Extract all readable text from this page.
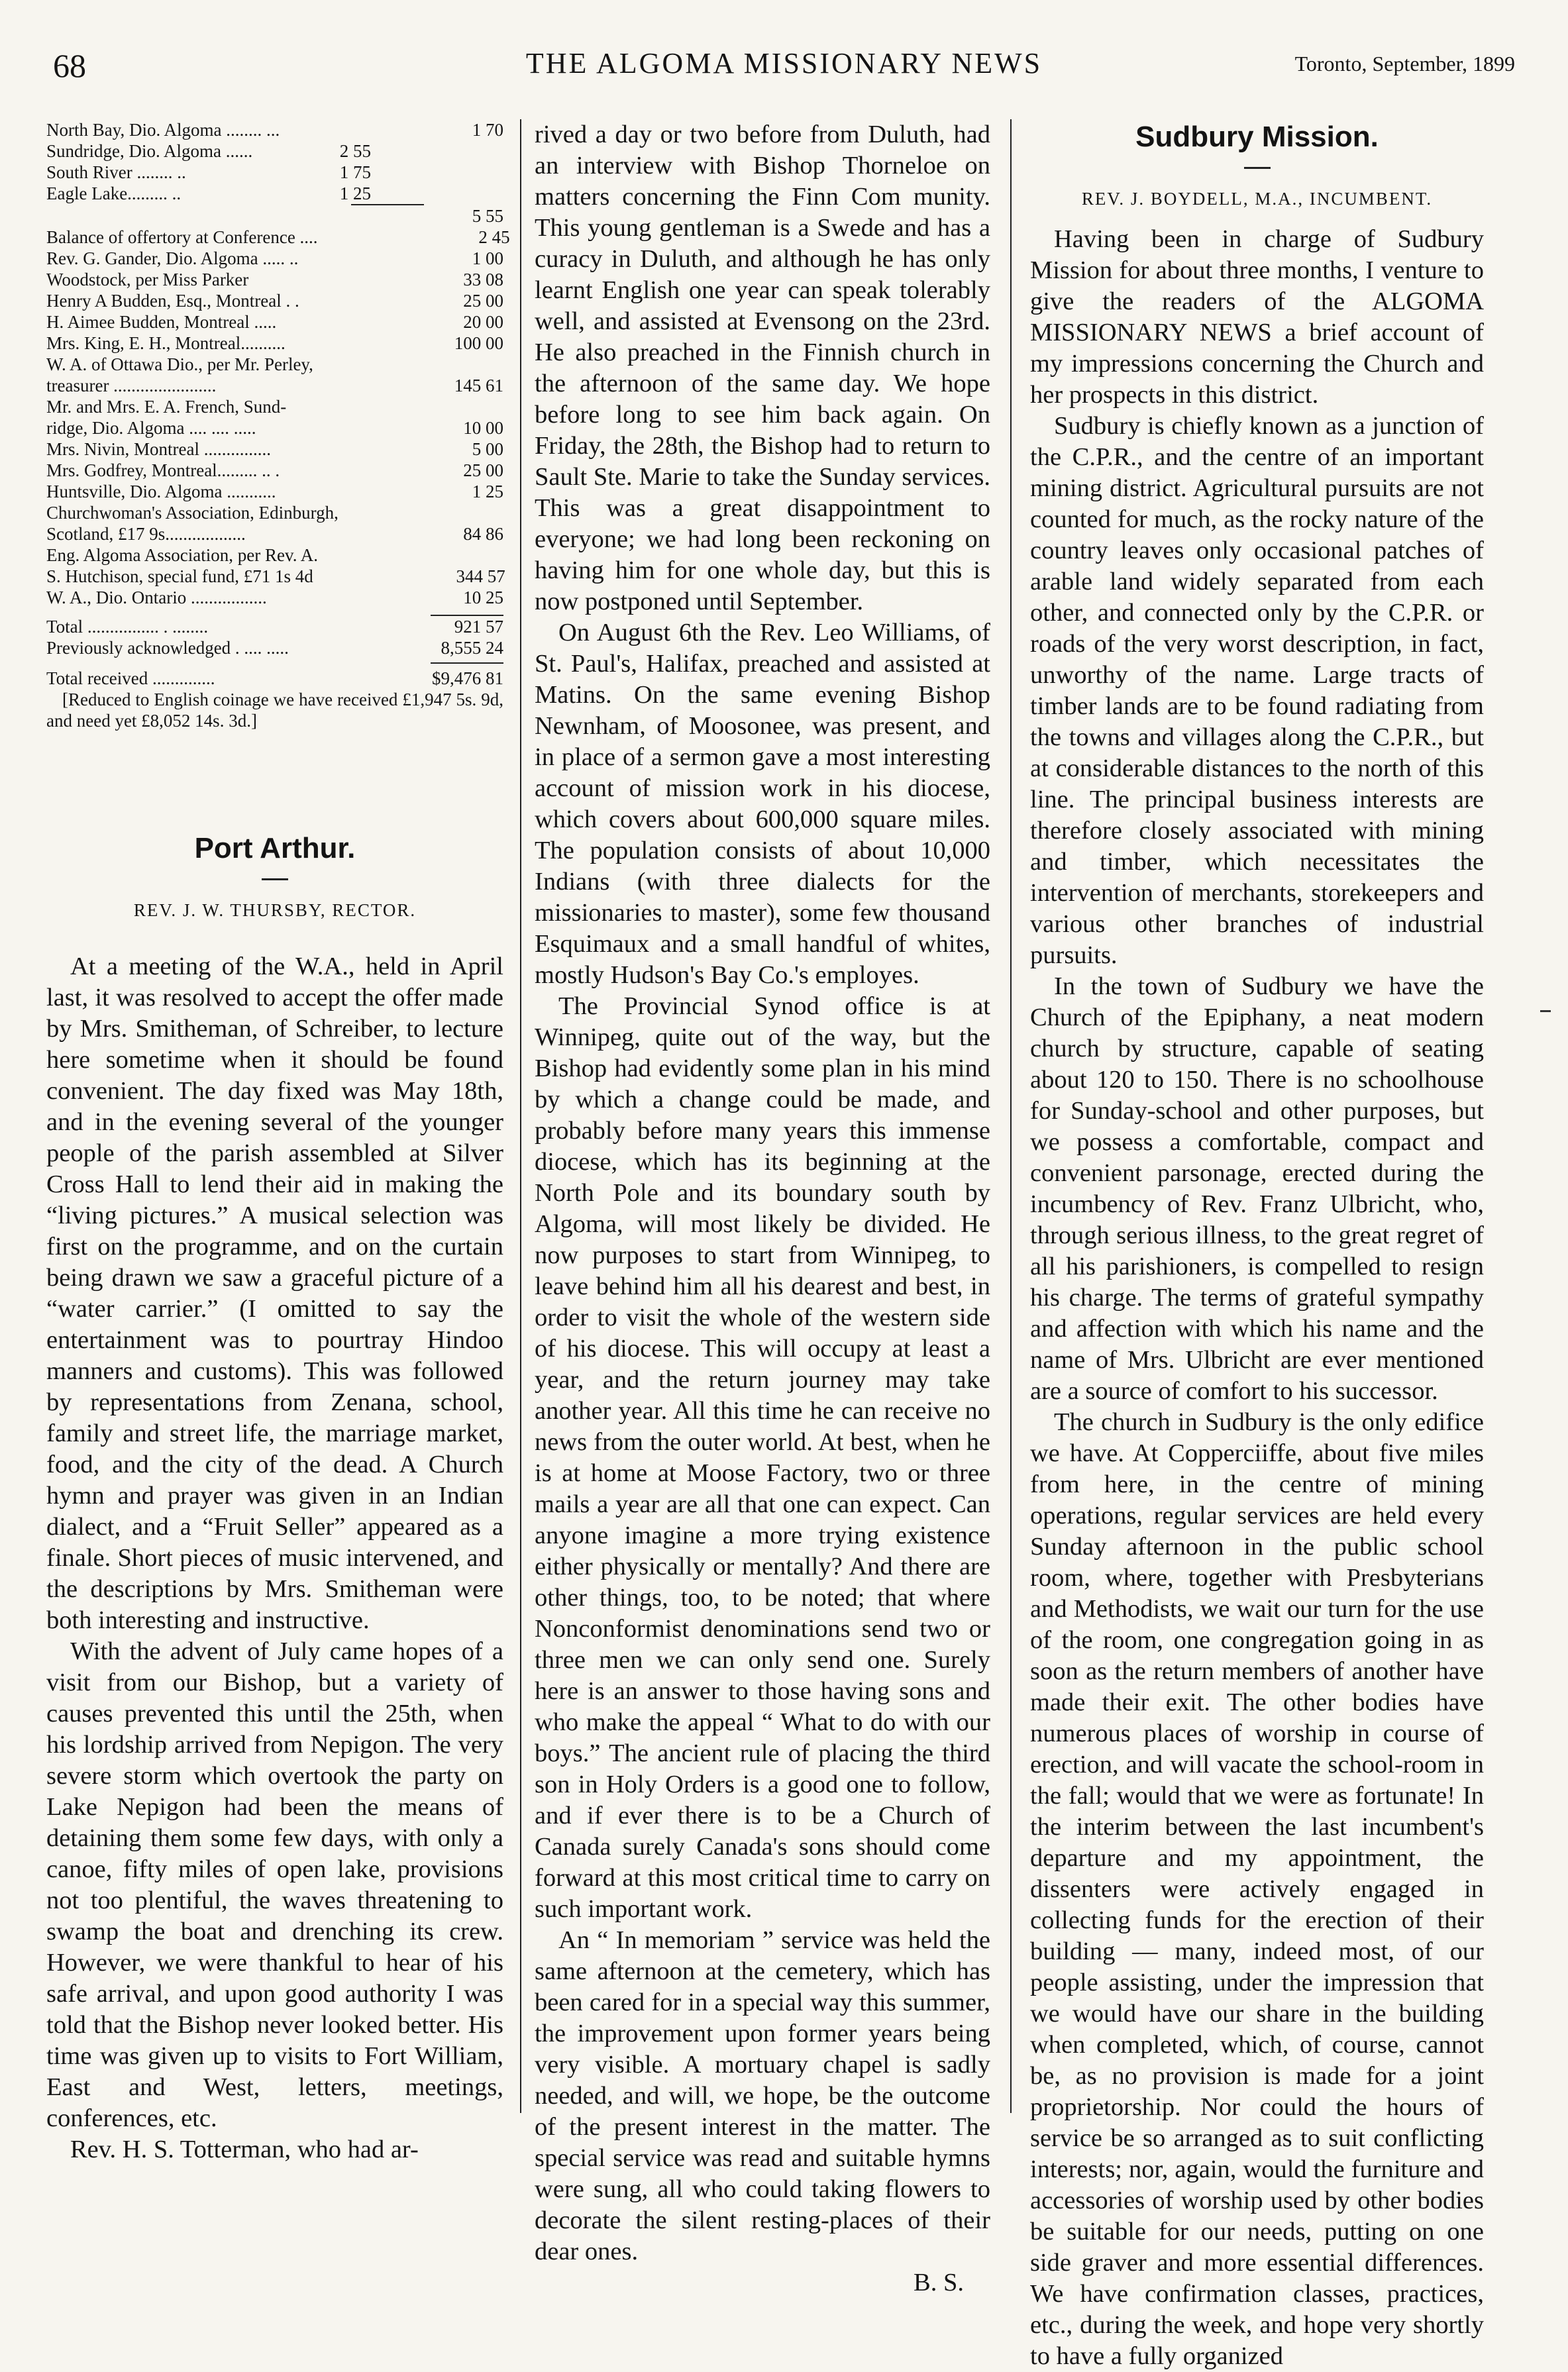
68	THE ALGOMA MISSIONARY NEWS	Toronto, September, 1899
North Bay, Dio. Algoma ........ ...	1 70
Sundridge, Dio. Algoma ......	2 55
South River ........ ..	1 75
Eagle Lake......... ..	1 25
5 55
Balance of offertory at Conference ....	2 45
Rev. G. Gander, Dio. Algoma ..... ..	1 00
Woodstock, per Miss Parker	33 08
Henry A Budden, Esq., Montreal . .	25 00
H. Aimee Budden, Montreal .....	20 00
Mrs. King, E. H., Montreal..........	100 00
W. A. of Ottawa Dio., per Mr. Perley,
treasurer .......................	145 61
Mr. and Mrs. E. A. French, Sund-
ridge, Dio. Algoma .... .... .....	10 00
Mrs. Nivin, Montreal ...............	5 00
Mrs. Godfrey, Montreal......... .. .	25 00
Huntsville, Dio. Algoma ...........	1 25
Churchwoman's Association, Edinburgh,
Scotland, £17 9s..................	84 86
Eng. Algoma Association, per Rev. A.
S. Hutchison, special fund, £71 1s 4d	344 57
W. A., Dio. Ontario .................	10 25
Total ................ . ........	921 57
Previously acknowledged . .... .....	8,555 24
Total received ..............	$9,476 81

[Reduced to English coinage we have received £1,947 5s. 9d, and need yet £8,052 14s. 3d.]

Port Arthur.
REV. J. W. THURSBY, RECTOR.

At a meeting of the W.A., held in April last, it was resolved to accept the offer made by Mrs. Smitheman, of Schreiber, to lecture here sometime when it should be found convenient. The day fixed was May 18th, and in the evening several of the younger people of the parish assembled at Silver Cross Hall to lend their aid in making the “living pictures.” A musical selection was first on the programme, and on the curtain being drawn we saw a graceful picture of a “water carrier.” (I omitted to say the entertainment was to pourtray Hindoo manners and customs). This was followed by representations from Zenana, school, family and street life, the marriage market, food, and the city of the dead. A Church hymn and prayer was given in an Indian dialect, and a “Fruit Seller” appeared as a finale. Short pieces of music intervened, and the descriptions by Mrs. Smitheman were both interesting and instructive.

With the advent of July came hopes of a visit from our Bishop, but a variety of causes prevented this until the 25th, when his lordship arrived from Nepigon. The very severe storm which overtook the party on Lake Nepigon had been the means of detaining them some few days, with only a canoe, fifty miles of open lake, provisions not too plentiful, the waves threatening to swamp the boat and drenching its crew. However, we were thankful to hear of his safe arrival, and upon good authority I was told that the Bishop never looked better. His time was given up to visits to Fort William, East and West, letters, meetings, conferences, etc.

Rev. H. S. Totterman, who had ar-

rived a day or two before from Duluth, had an interview with Bishop Thorneloe on matters concerning the Finn Com munity. This young gentleman is a Swede and has a curacy in Duluth, and although he has only learnt English one year can speak tolerably well, and assisted at Evensong on the 23rd. He also preached in the Finnish church in the afternoon of the same day. We hope before long to see him back again. On Friday, the 28th, the Bishop had to return to Sault Ste. Marie to take the Sunday services. This was a great disappointment to everyone; we had long been reckoning on having him for one whole day, but this is now postponed until September.

On August 6th the Rev. Leo Williams, of St. Paul's, Halifax, preached and assisted at Matins. On the same evening Bishop Newnham, of Moosonee, was present, and in place of a sermon gave a most interesting account of mission work in his diocese, which covers about 600,000 square miles. The population consists of about 10,000 Indians (with three dialects for the missionaries to master), some few thousand Esquimaux and a small handful of whites, mostly Hudson's Bay Co.'s employes.

The Provincial Synod office is at Winnipeg, quite out of the way, but the Bishop had evidently some plan in his mind by which a change could be made, and probably before many years this immense diocese, which has its beginning at the North Pole and its boundary south by Algoma, will most likely be divided. He now purposes to start from Winnipeg, to leave behind him all his dearest and best, in order to visit the whole of the western side of his diocese. This will occupy at least a year, and the return journey may take another year. All this time he can receive no news from the outer world. At best, when he is at home at Moose Factory, two or three mails a year are all that one can expect. Can anyone imagine a more trying existence either physically or mentally? And there are other things, too, to be noted; that where Nonconformist denominations send two or three men we can only send one. Surely here is an answer to those having sons and who make the appeal “ What to do with our boys.” The ancient rule of placing the third son in Holy Orders is a good one to follow, and if ever there is to be a Church of Canada surely Canada's sons should come forward at this most critical time to carry on such important work.

An “ In memoriam ” service was held the same afternoon at the cemetery, which has been cared for in a special way this summer, the improvement upon former years being very visible. A mortuary chapel is sadly needed, and will, we hope, be the outcome of the present interest in the matter. The special service was read and suitable hymns were sung, all who could taking flowers to decorate the silent resting-places of their dear ones.

B. S.

Sudbury Mission.
REV. J. BOYDELL, M.A., INCUMBENT.

Having been in charge of Sudbury Mission for about three months, I venture to give the readers of the ALGOMA MISSIONARY NEWS a brief account of my impressions concerning the Church and her prospects in this district.

Sudbury is chiefly known as a junction of the C.P.R., and the centre of an important mining district. Agricultural pursuits are not counted for much, as the rocky nature of the country leaves only occasional patches of arable land widely separated from each other, and connected only by the C.P.R. or roads of the very worst description, in fact, unworthy of the name. Large tracts of timber lands are to be found radiating from the towns and villages along the C.P.R., but at considerable distances to the north of this line. The principal business interests are therefore closely associated with mining and timber, which necessitates the intervention of merchants, storekeepers and various other branches of industrial pursuits.

In the town of Sudbury we have the Church of the Epiphany, a neat modern church by structure, capable of seating about 120 to 150. There is no schoolhouse for Sunday-school and other purposes, but we possess a comfortable, compact and convenient parsonage, erected during the incumbency of Rev. Franz Ulbricht, who, through serious illness, to the great regret of all his parishioners, is compelled to resign his charge. The terms of grateful sympathy and affection with which his name and the name of Mrs. Ulbricht are ever mentioned are a source of comfort to his successor.

The church in Sudbury is the only edifice we have. At Copperciiffe, about five miles from here, in the centre of mining operations, regular services are held every Sunday afternoon in the public school room, where, together with Presbyterians and Methodists, we wait our turn for the use of the room, one congregation going in as soon as the return members of another have made their exit. The other bodies have numerous places of worship in course of erection, and will vacate the school-room in the fall; would that we were as fortunate! In the interim between the last incumbent's departure and my appointment, the dissenters were actively engaged in collecting funds for the erection of their building — many, indeed most, of our people assisting, under the impression that we would have our share in the building when completed, which, of course, cannot be, as no provision is made for a joint proprietorship. Nor could the hours of service be so arranged as to suit conflicting interests; nor, again, would the furniture and accessories of worship used by other bodies be suitable for our needs, putting on one side graver and more essential differences. We have confirmation classes, practices, etc., during the week, and hope very shortly to have a fully organized
